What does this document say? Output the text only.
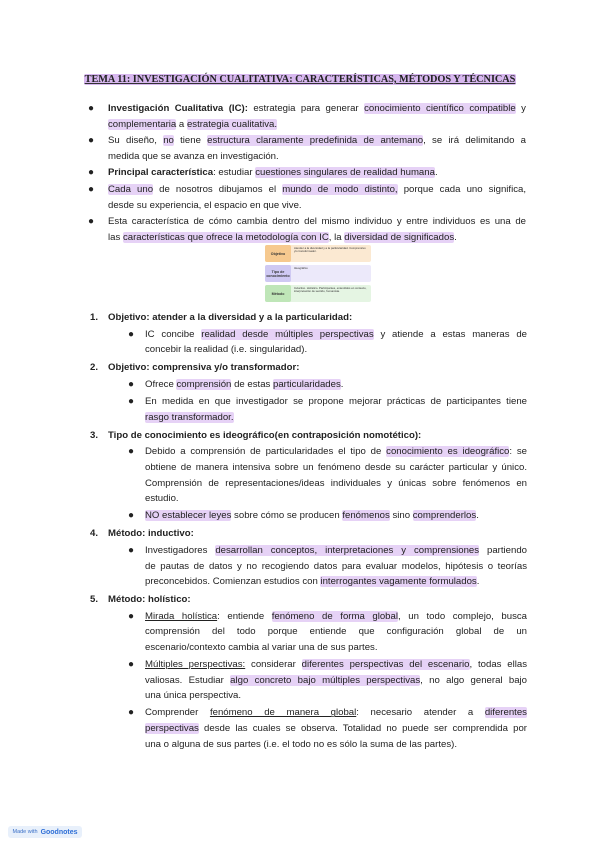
TEMA 11: INVESTIGACIÓN CUALITATIVA: CARACTERÍSTICAS, MÉTODOS Y TÉCNICAS
● Investigación Cualitativa (IC): estrategia para generar conocimiento científico compatible y
complementaria a estrategia cualitativa.
● Su diseño, no tiene estructura claramente predefinida de antemano, se irá delimitando a
medida que se avanza en investigación.
● Principal característica: estudiar cuestiones singulares de realidad humana.
● Cada uno de nosotros dibujamos el mundo de modo distinto, porque cada uno significa,
desde su experiencia, el espacio en que vive.
● Esta característica de cómo cambia dentro del mismo individuo y entre individuos es una de
las características que ofrece la metodología con IC, la diversidad de significados.
1. Objetivo: atender a la diversidad y a la particularidad:
● IC concibe realidad desde múltiples perspectivas y atiende a estas maneras de
concebir la realidad (i.e. singularidad).
2. Objetivo: comprensiva y/o transformador:
● Ofrece comprensión de estas particularidades.
● En medida en que investigador se propone mejorar prácticas de participantes tiene
rasgo transformador.
3. Tipo de conocimiento es ideográfico(en contraposición nomotético):
● Debido a comprensión de particularidades el tipo de conocimiento es ideográfico: se
obtiene de manera intensiva sobre un fenómeno desde su carácter particular y único.
Comprensión de representaciones/ideas individuales y únicas sobre fenómenos en
estudio.
● NO establecer leyes sobre cómo se producen fenómenos sino comprenderlos.
4. Método: inductivo:
● Investigadores desarrollan conceptos, interpretaciones y comprensiones partiendo
de pautas de datos y no recogiendo datos para evaluar modelos, hipótesis o teorías
preconcebidos. Comienzan estudios con interrogantes vagamente formulados.
5. Método: holístico:
● Mirada holística: entiende fenómeno de forma global, un todo complejo, busca
comprensión del todo porque entiende que configuración global de un
escenario/contexto cambia al variar una de sus partes.
● Múltiples perspectivas: considerar diferentes perspectivas del escenario, todas ellas
valiosas. Estudiar algo concreto bajo múltiples perspectivas, no algo general bajo
una única perspectiva.
● Comprender fenómeno de manera global: necesario atender a diferentes
perspectivas desde las cuales se observa. Totalidad no puede ser comprendida por
una o alguna de sus partes (i.e. el todo no es sólo la suma de las partes).
Objetivo
Atender a la diversidad y a la particularidad. Comprensivo y/o transformador.
Tipo de conocimiento
Ideográfico
Método
Inductivo. Holístico. Participantes, entendidos en contexto, interpretación de sentido, humanista.
Made with Goodnotes
